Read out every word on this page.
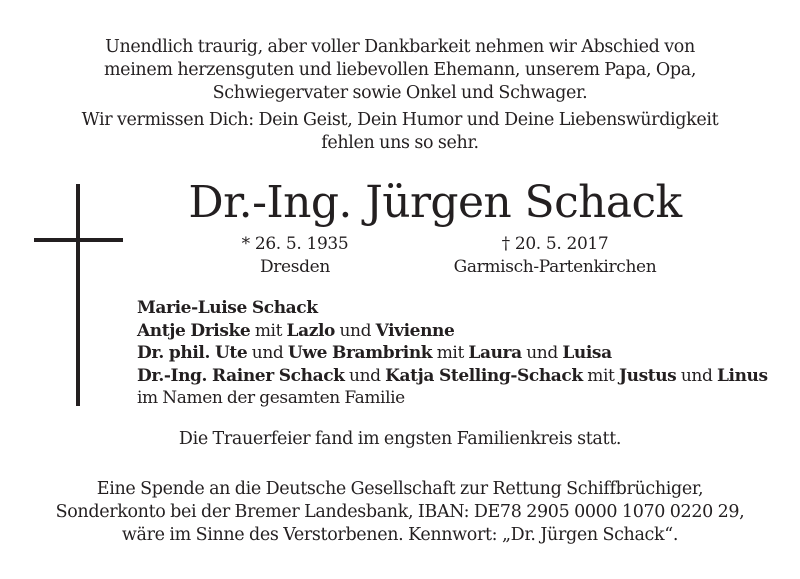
Unendlich traurig, aber voller Dankbarkeit nehmen wir Abschied von
meinem herzensguten und liebevollen Ehemann, unserem Papa, Opa,
Schwiegervater sowie Onkel und Schwager.
Wir vermissen Dich: Dein Geist, Dein Humor und Deine Liebenswürdigkeit
fehlen uns so sehr.
Dr.-Ing. Jürgen Schack
* 26. 5. 1935
Dresden
† 20. 5. 2017
Garmisch-Partenkirchen
Marie-Luise Schack
Antje Driske mit Lazlo und Vivienne
Dr. phil. Ute und Uwe Brambrink mit Laura und Luisa
Dr.-Ing. Rainer Schack und Katja Stelling-Schack mit Justus und Linus
im Namen der gesamten Familie
Die Trauerfeier fand im engsten Familienkreis statt.
Eine Spende an die Deutsche Gesellschaft zur Rettung Schiffbrüchiger,
Sonderkonto bei der Bremer Landesbank, IBAN: DE78 2905 0000 1070 0220 29,
wäre im Sinne des Verstorbenen. Kennwort: „Dr. Jürgen Schack“.
